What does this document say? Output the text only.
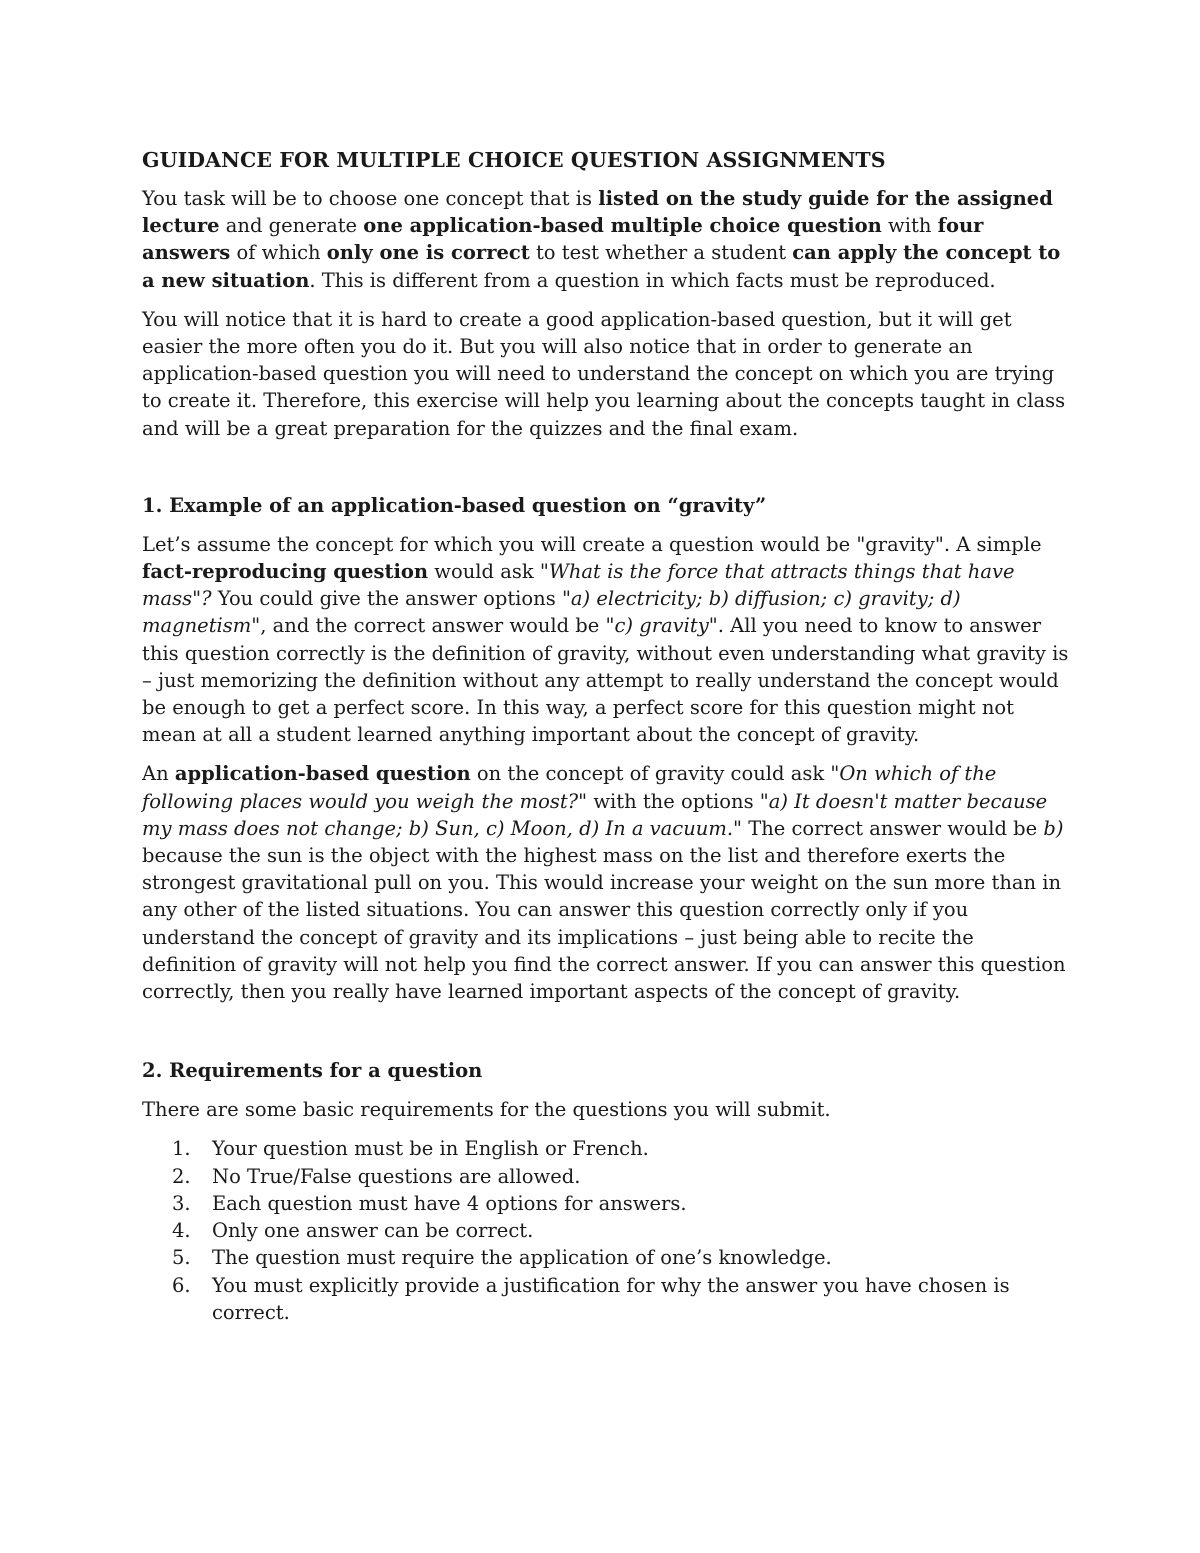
GUIDANCE FOR MULTIPLE CHOICE QUESTION ASSIGNMENTS

You task will be to choose one concept that is listed on the study guide for the assigned lecture and generate one application-based multiple choice question with four answers of which only one is correct to test whether a student can apply the concept to a new situation. This is different from a question in which facts must be reproduced.

You will notice that it is hard to create a good application-based question, but it will get easier the more often you do it. But you will also notice that in order to generate an application-based question you will need to understand the concept on which you are trying to create it. Therefore, this exercise will help you learning about the concepts taught in class and will be a great preparation for the quizzes and the final exam.

1. Example of an application-based question on “gravity”

Let’s assume the concept for which you will create a question would be "gravity". A simple fact-reproducing question would ask "What is the force that attracts things that have mass"? You could give the answer options "a) electricity; b) diffusion; c) gravity; d) magnetism", and the correct answer would be "c) gravity". All you need to know to answer this question correctly is the definition of gravity, without even understanding what gravity is – just memorizing the definition without any attempt to really understand the concept would be enough to get a perfect score. In this way, a perfect score for this question might not mean at all a student learned anything important about the concept of gravity.

An application-based question on the concept of gravity could ask "On which of the following places would you weigh the most?" with the options "a) It doesn't matter because my mass does not change; b) Sun, c) Moon, d) In a vacuum." The correct answer would be b) because the sun is the object with the highest mass on the list and therefore exerts the strongest gravitational pull on you. This would increase your weight on the sun more than in any other of the listed situations. You can answer this question correctly only if you understand the concept of gravity and its implications – just being able to recite the definition of gravity will not help you find the correct answer. If you can answer this question correctly, then you really have learned important aspects of the concept of gravity.

2. Requirements for a question

There are some basic requirements for the questions you will submit.

1.	Your question must be in English or French.
2.	No True/False questions are allowed.
3.	Each question must have 4 options for answers.
4.	Only one answer can be correct.
5.	The question must require the application of one’s knowledge.
6.	You must explicitly provide a justification for why the answer you have chosen is correct.
